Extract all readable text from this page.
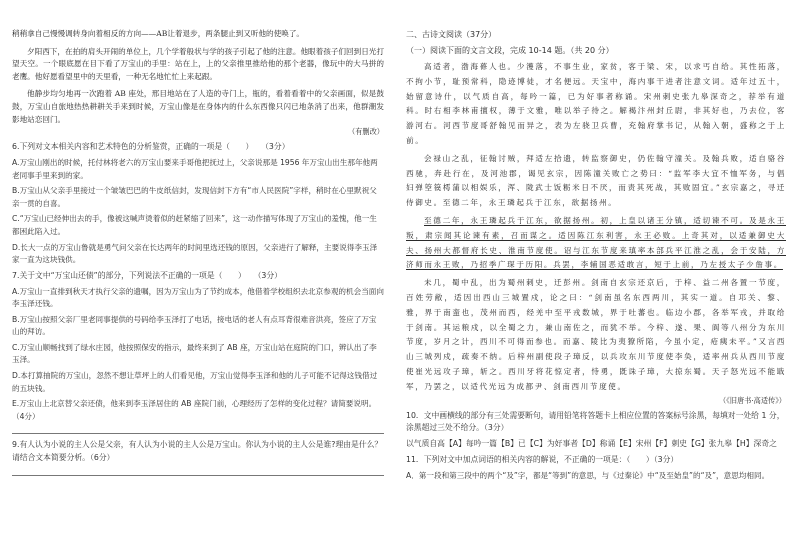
稍稍拿自己慢慢调转身向着相反的方向——AB让着退步，两条腿止到又听他的使唤了。

夕阳西下，在拍的肩头开闹的单位上，几个学着般状与学的孩子引起了他的注意。他眼着孩子们回到日光打望天空。一个眼底愿在目下看了万宝山的手里：站在上，上的父亲推里推给他的那个老器，像玩中的大马拼的老鹰。他好愿看望里中的天里看，一种无名地忙忙上来起跟。

他静步均匀地再一次跑着 AB 座处，邢目地站在了人造的寺门上，瓶的，看着看着中的父亲画面，似是鼓鼓，万宝山自旅地热热耕耕关手来到时候，万宝山像是在身体内的什么东西像只闪已地条消了出来，他群潮发影地站恋回门。

（有删改）

6.下列对文本相关内容和艺术特色的分析鉴赏，正确的一项是（　　）　　（3分）

A.万宝山刚出的时候，托付林将老六的万宝山要来手哥他把抚过上，父亲说那是 1956 年万宝山出生那年他两老同事手里来到的家。

B.万宝山从父亲手里接过一个皱皱巴巴的牛皮纸信封，发现信封下方有“市人民医院”字样，稍时在心里默祝父亲一贯的自喜。

C.“万宝山已经伸出去的手，像被这喊声烫着似的赶紧缩了回来”，这一动作描写体现了万宝山的羞愧，他一生都困此陷入过。

D.长大一点的万宝山鲁就是勇气问父亲在长达两年的时间里选还钱的原因，父亲进行了解释，主要说得李玉泽家一直为这块钱供。

7.关于文中“万宝山还债”的部分，下列说法不正确的一项是（　　）　　（3分）

A.万宝山一直排到秋天才执行父亲的遗嘱，因为万宝山为了节约成本，他借着学校组织去北京参观的机会当面向李玉泽还钱。

B.万宝山按照父亲厂里老同事提供的号码给李玉泽打了电话，接电话的老人有点耳背很难音洪亮，签应了万宝山的拜访。

C.万宝山顺畅找到了绿水庄园，他按照保安的指示，最终来到了 AB 座，万宝山站在庭院的门口，辨认出了李玉泽。

D.本打算抽院的万宝山，忽然不想让草坪上的人们看见他，万宝山觉得李玉泽和他的儿子可能不记得这钱借过的五块钱。

E.万宝山上北京替父亲还债，他来到李玉泽居住的 AB 座院门前，心理经历了怎样的变化过程？请简要说明。（4分）

9.有人认为小说的主人公是父亲，有人认为小说的主人公是万宝山。你认为小说的主人公是谁?理由是什么？请结合文本简要分析。（6分）

二、古诗文阅读（37分）

（一）阅读下面的文言文段，完成 10-14 题。（共 20 分）

高适者，渤海蓚人也。少濩落，不事生业，家贫，客于梁、宋，以求丐自给。其性拓落，不拘小节，耻预常科，隐迹博徒，才名便远。天宝中，海内事干进者注意文词。适年过五十，始留意诗什，以气质自高，每吟一篇，已为好事者称诵。宋州刺史张九皋深奇之，荐举有道科。时右相李林甫擅权，薄于文雅，唯以举子待之。解褐汴州封丘尉，非其好也，乃去位，客游河右。河西节度哥舒翰见而异之，表为左骁卫兵曹，充翰府掌书记，从翰入朝，盛称之于上前。

会禄山之乱，征翰讨贼，拜适左拾遗，转监察御史，仍佐翰守潼关。及翰兵败，适自骆谷西驰，奔赴行在，及河池郡，谒见玄宗，因陈潼关败亡之势曰：“监军李大宜不恤军务，与倡妇弹箜篌樗蒲以相娱乐，浑、陇武士饭粝米日不厌，而责其死战，其败固宜。”玄宗嘉之，寻迁侍御史。至德二年，永王璘起兵于江东，欲据扬州。

至德二年，永王璘起兵于江东，欲据扬州。初，上皇以诸王分镇，适切谏不可。及是永王叛，肃宗闻其论谏有素，召而谋之。适因陈江东利害，永王必败。上奇其对，以适兼御史大夫、扬州大都督府长史、淮南节度使。诏与江东节度来瑱率本部兵平江淮之乱，会于安陆，方济师而永王败，乃招季广琛于历阳。兵罢，李辅国恶适敢言，短于上前，乃左授太子少詹事。

未几，蜀中乱，出为蜀州刺史，迁彭州。剑南自玄宗还京后，于梓、益二州各置一节度，百姓劳敝，适因出西山三城置戍，论之曰：“剑南虽名东西两川，其实一道。自邛关、黎、雅，界于南蛮也，茂州而西，经羌中至平戎数城，界于吐蕃也。临边小郡，各举军戎，并取给于剑南。其运粮戍，以全蜀之力，兼山南佐之，而犹不举。今梓、遂、果、阆等八州分为东川节度，岁月之计，西川不可得而参也。而嘉、陵比为夷獠所陷，今虽小定，疮痍未平。”又言西山三城列戍，疏奏不纳。后梓州副使段子璋反，以兵攻东川节度使李奂，适率州兵从西川节度使崔光远攻子璋，斩之。西川牙将花惊定者，恃勇，既诛子璋，大掠东蜀。天子怒光远不能戢军，乃罢之，以适代光远为成都尹、剑南西川节度使。

（《旧唐书·高适传》）

10．文中画横线的部分有三处需要断句，请用铅笔将答题卡上相应位置的答案标号涂黑，每填对一处给 1 分，涂黑超过三处不给分。（3分）

以气质自高【A】每吟一篇【B】已【C】为好事者【D】称诵【E】宋州【F】刺史【G】张九皋【H】深奇之

11．下列对文中加点词语的相关内容的解说，不正确的一项是：（　　）（3分）

A．第一段和第三段中的两个“及”字，都是“等到”的意思，与《过秦论》中“及至始皇”的“及”，意思均相同。
